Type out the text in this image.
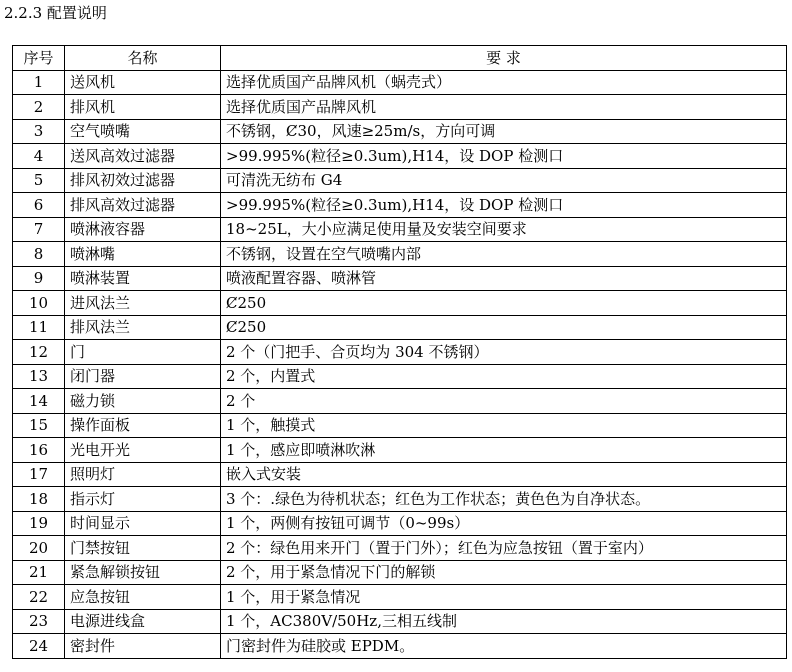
2.2.3 配置说明
序号	名称	要 求
1	送风机	选择优质国产品牌风机（蜗壳式）
2	排风机	选择优质国产品牌风机
3	空气喷嘴	不锈钢，Ȼ30，风速≥25m/s，方向可调
4	送风高效过滤器	>99.995%(粒径≥0.3um),H14，设 DOP 检测口
5	排风初效过滤器	可清洗无纺布 G4
6	排风高效过滤器	>99.995%(粒径≥0.3um),H14，设 DOP 检测口
7	喷淋液容器	18~25L，大小应满足使用量及安装空间要求
8	喷淋嘴	不锈钢，设置在空气喷嘴内部
9	喷淋装置	喷液配置容器、喷淋管
10	进风法兰	Ȼ250
11	排风法兰	Ȼ250
12	门	2 个（门把手、合页均为 304 不锈钢）
13	闭门器	2 个，内置式
14	磁力锁	2 个
15	操作面板	1 个，触摸式
16	光电开光	1 个，感应即喷淋吹淋
17	照明灯	嵌入式安装
18	指示灯	3 个：.绿色为待机状态；红色为工作状态；黄色色为自净状态。
19	时间显示	1 个，两侧有按钮可调节（0~99s）
20	门禁按钮	2 个：绿色用来开门（置于门外）；红色为应急按钮（置于室内）
21	紧急解锁按钮	2 个，用于紧急情况下门的解锁
22	应急按钮	1 个，用于紧急情况
23	电源进线盒	1 个，AC380V/50Hz,三相五线制
24	密封件	门密封件为硅胶或 EPDM。
